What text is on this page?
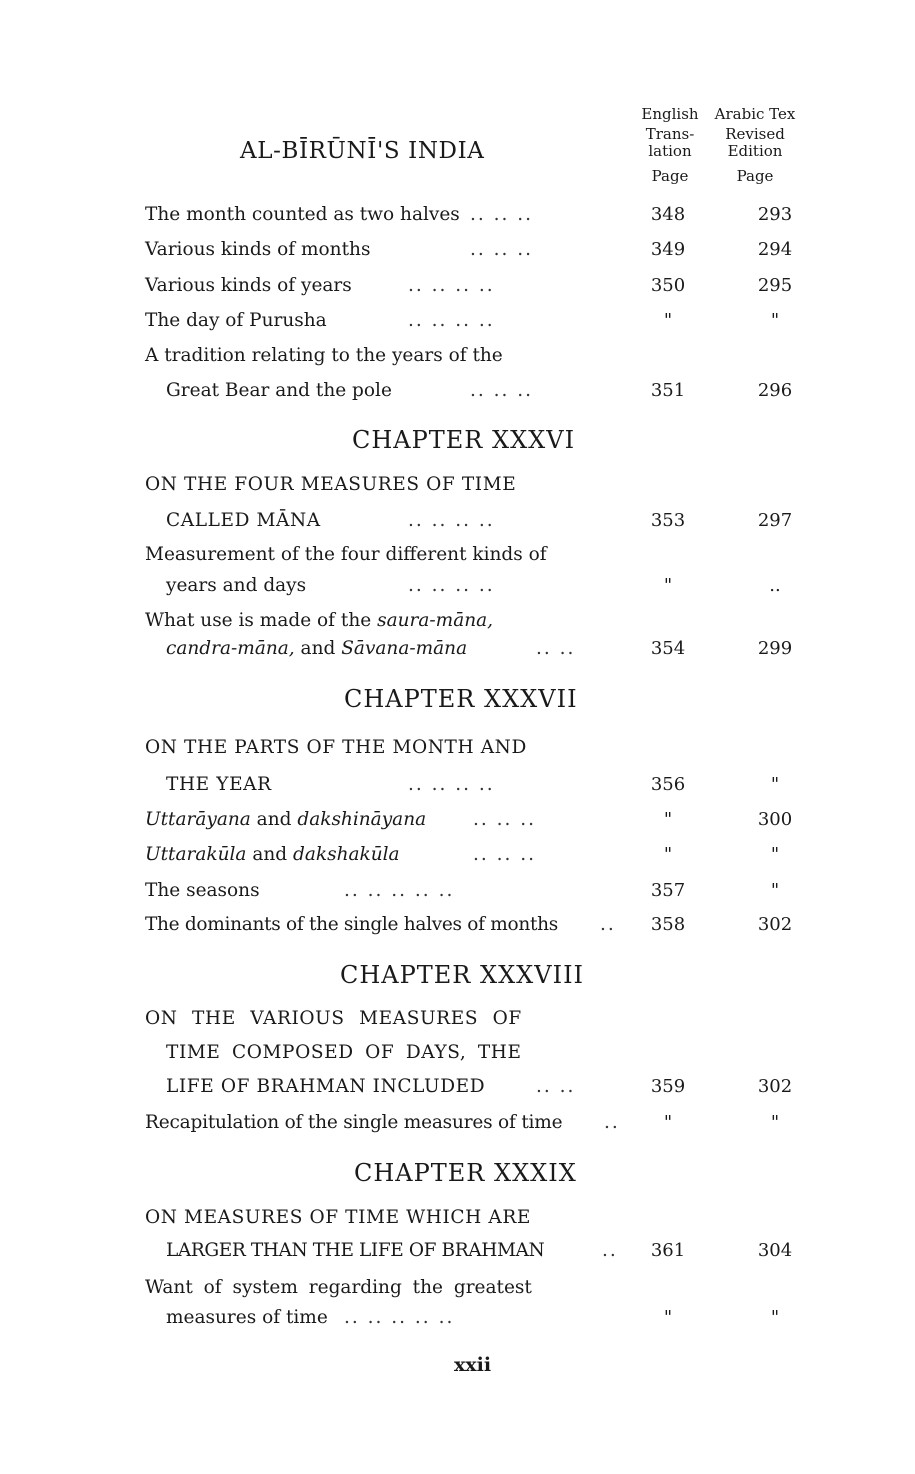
AL-BĪRŪNĪ'S INDIA
English
Trans-
lation
Page
Arabic Tex
Revised
Edition
Page
The month counted as two halves .. .. ..	348	293
Various kinds of months	.. .. ..	349	294
Various kinds of years	.. .. .. ..	350	295
The day of Purusha	.. .. .. ..	"	"
A tradition relating to the years of the
Great Bear and the pole	.. .. ..	351	296
CHAPTER XXXVI
ON THE FOUR MEASURES OF TIME
CALLED MĀNA	.. .. .. ..	353	297
Measurement of the four different kinds of
years and days	.. .. .. ..	"	..
What use is made of the saura-māna,
candra-māna, and Sāvana-māna	.. ..	354	299
CHAPTER XXXVII
ON THE PARTS OF THE MONTH AND
THE YEAR	.. .. .. ..	356	"
Uttarāyana and dakshināyana	.. .. ..	"	300
Uttarakūla and dakshakūla	.. .. ..	"	"
The seasons	.. .. .. .. ..	357	"
The dominants of the single halves of months ..	358	302
CHAPTER XXXVIII
ON THE VARIOUS MEASURES OF
TIME COMPOSED OF DAYS, THE
LIFE OF BRAHMAN INCLUDED	.. ..	359	302
Recapitulation of the single measures of time ..	"	"
CHAPTER XXXIX
ON MEASURES OF TIME WHICH ARE
LARGER THAN THE LIFE OF BRAHMAN	..	361	304
Want of system regarding the greatest
measures of time .. .. .. .. ..	"	"
xxii
